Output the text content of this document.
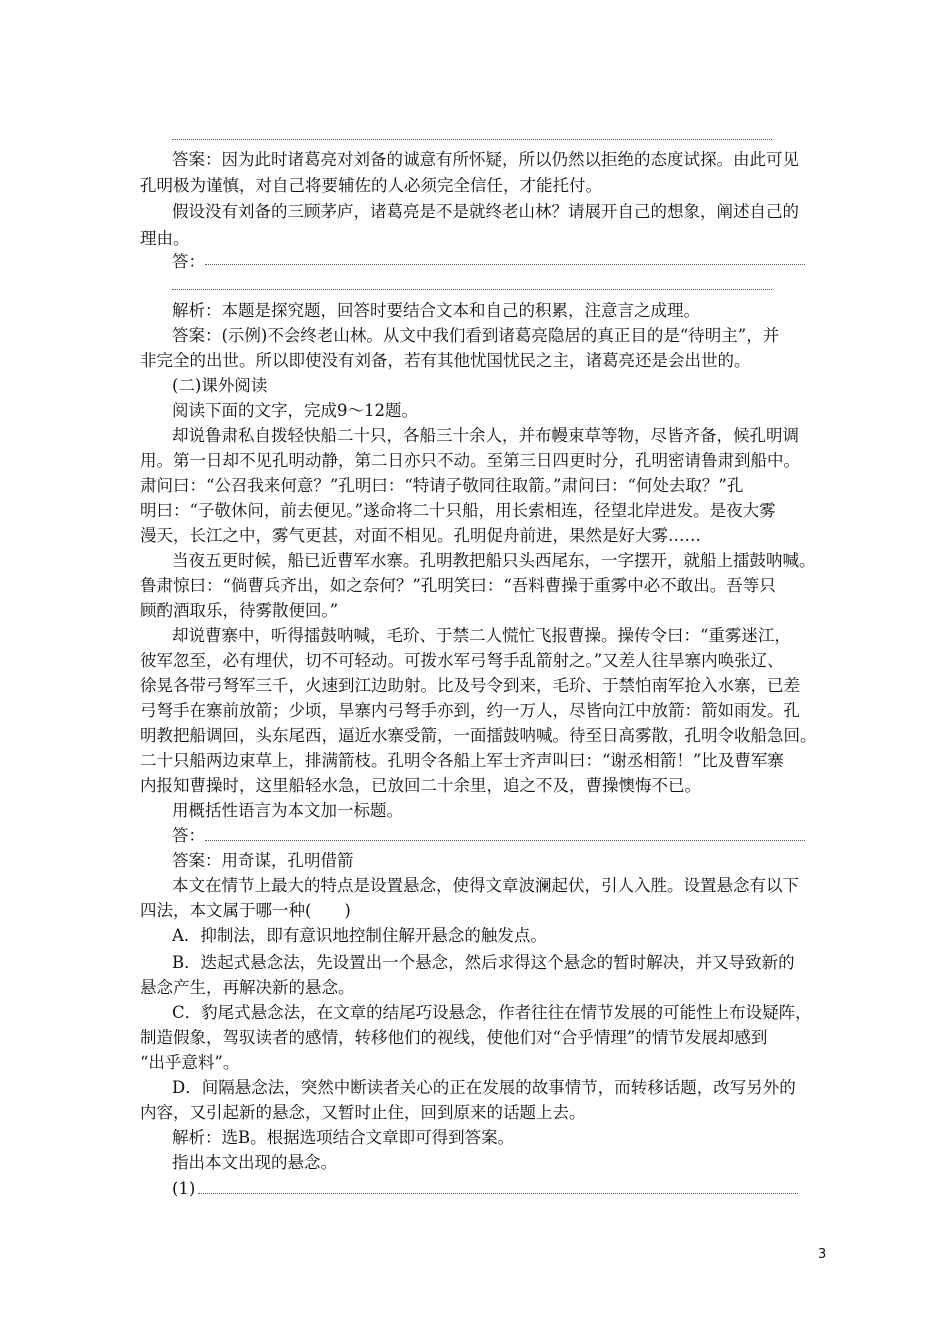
答案：因为此时诸葛亮对刘备的诚意有所怀疑，所以仍然以拒绝的态度试探。由此可见
孔明极为谨慎，对自己将要辅佐的人必须完全信任，才能托付。
假设没有刘备的三顾茅庐，诸葛亮是不是就终老山林？请展开自己的想象，阐述自己的
理由。
答：
解析：本题是探究题，回答时要结合文本和自己的积累，注意言之成理。
答案：(示例)不会终老山林。从文中我们看到诸葛亮隐居的真正目的是“待明主”，并
非完全的出世。所以即使没有刘备，若有其他忧国忧民之主，诸葛亮还是会出世的。
(二)课外阅读
阅读下面的文字，完成9～12题。
却说鲁肃私自拨轻快船二十只，各船三十余人，并布幔束草等物，尽皆齐备，候孔明调
用。第一日却不见孔明动静，第二日亦只不动。至第三日四更时分，孔明密请鲁肃到船中。
肃问曰：“公召我来何意？”孔明曰：“特请子敬同往取箭。”肃问曰：“何处去取？”孔
明曰：“子敬休问，前去便见。”遂命将二十只船，用长索相连，径望北岸进发。是夜大雾
漫天，长江之中，雾气更甚，对面不相见。孔明促舟前进，果然是好大雾……
当夜五更时候，船已近曹军水寨。孔明教把船只头西尾东，一字摆开，就船上擂鼓呐喊。
鲁肃惊曰：“倘曹兵齐出，如之奈何？”孔明笑曰：“吾料曹操于重雾中必不敢出。吾等只
顾酌酒取乐，待雾散便回。”
却说曹寨中，听得擂鼓呐喊，毛玠、于禁二人慌忙飞报曹操。操传令曰：“重雾迷江，
彼军忽至，必有埋伏，切不可轻动。可拨水军弓弩手乱箭射之。”又差人往旱寨内唤张辽、
徐晃各带弓弩军三千，火速到江边助射。比及号令到来，毛玠、于禁怕南军抢入水寨，已差
弓弩手在寨前放箭；少顷，旱寨内弓弩手亦到，约一万人，尽皆向江中放箭：箭如雨发。孔
明教把船调回，头东尾西，逼近水寨受箭，一面擂鼓呐喊。待至日高雾散，孔明令收船急回。
二十只船两边束草上，排满箭枝。孔明令各船上军士齐声叫曰：“谢丞相箭！”比及曹军寨
内报知曹操时，这里船轻水急，已放回二十余里，追之不及，曹操懊悔不已。
用概括性语言为本文加一标题。
答：
答案：用奇谋，孔明借箭
本文在情节上最大的特点是设置悬念，使得文章波澜起伏，引人入胜。设置悬念有以下
四法，本文属于哪一种(　　)
A．抑制法，即有意识地控制住解开悬念的触发点。
B．迭起式悬念法，先设置出一个悬念，然后求得这个悬念的暂时解决，并又导致新的
悬念产生，再解决新的悬念。
C．豹尾式悬念法，在文章的结尾巧设悬念，作者往往在情节发展的可能性上布设疑阵，
制造假象，驾驭读者的感情，转移他们的视线，使他们对“合乎情理”的情节发展却感到
“出乎意料”。
D．间隔悬念法，突然中断读者关心的正在发展的故事情节，而转移话题，改写另外的
内容，又引起新的悬念，又暂时止住，回到原来的话题上去。
解析：选B。根据选项结合文章即可得到答案。
指出本文出现的悬念。
(1)
3
